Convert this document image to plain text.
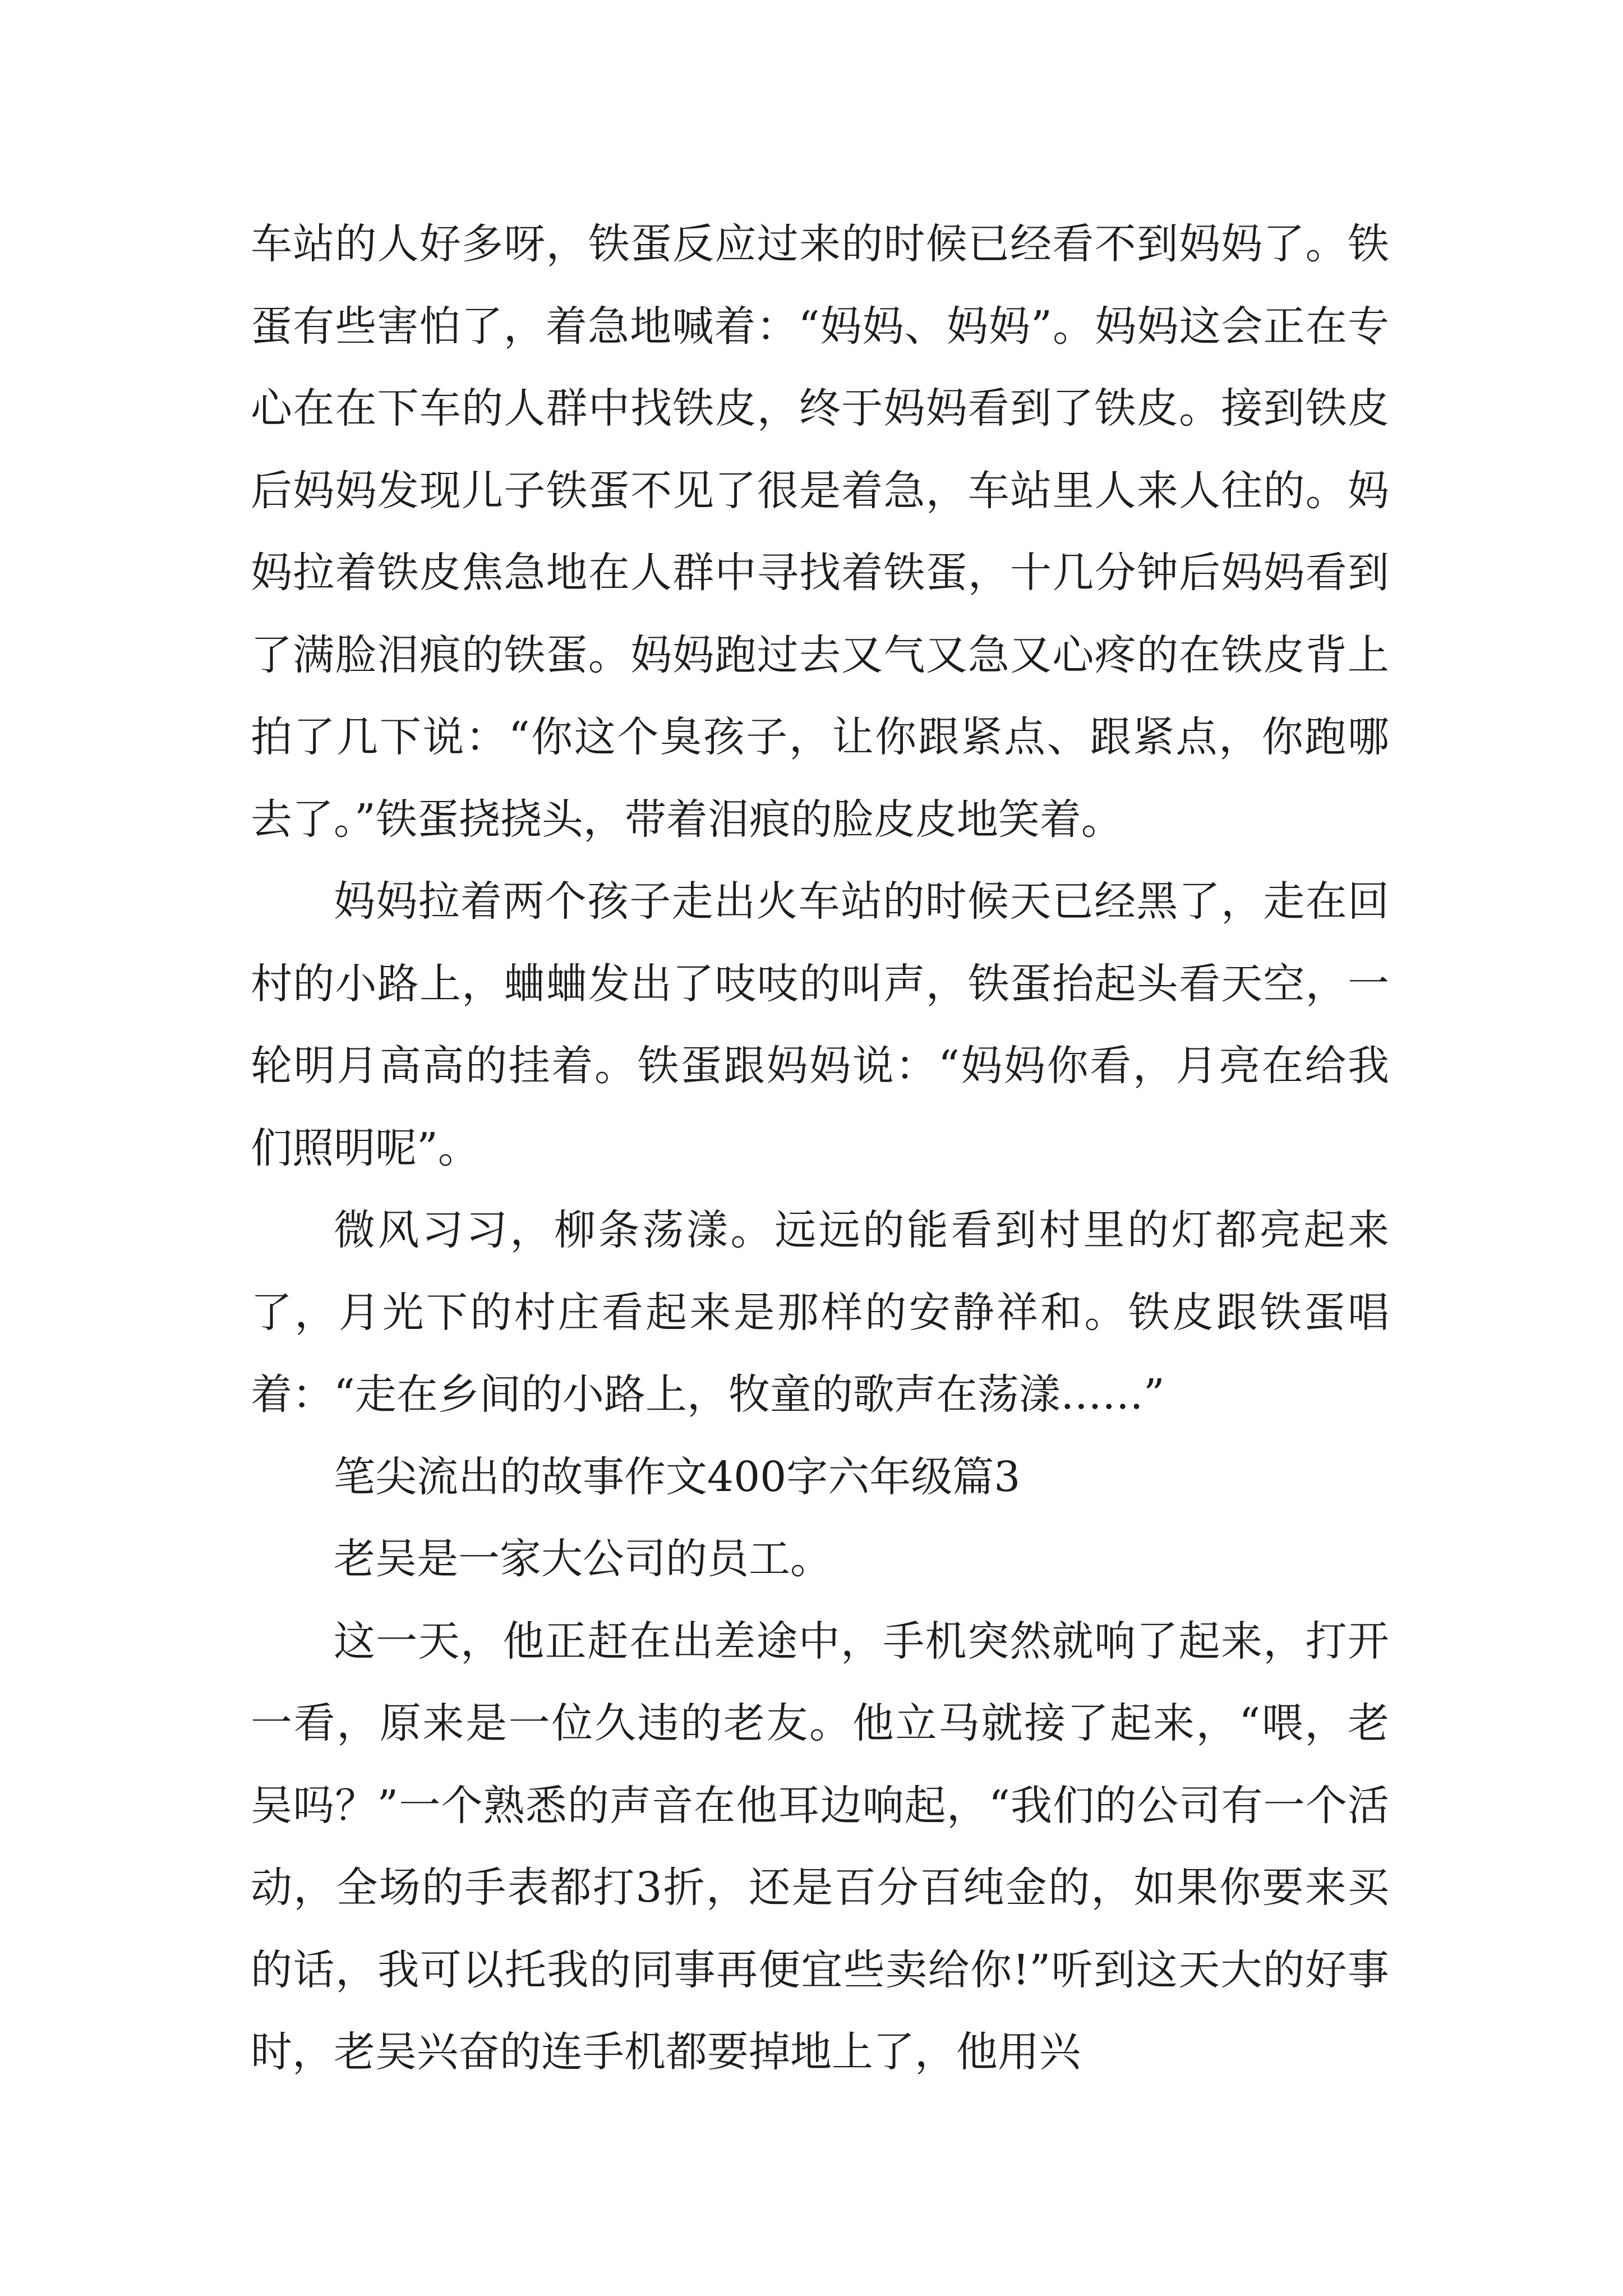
车站的人好多呀，铁蛋反应过来的时候已经看不到妈妈了。铁蛋有些害怕了，着急地喊着：“妈妈、妈妈”。妈妈这会正在专心在在下车的人群中找铁皮，终于妈妈看到了铁皮。接到铁皮后妈妈发现儿子铁蛋不见了很是着急，车站里人来人往的。妈妈拉着铁皮焦急地在人群中寻找着铁蛋，十几分钟后妈妈看到了满脸泪痕的铁蛋。妈妈跑过去又气又急又心疼的在铁皮背上拍了几下说：“你这个臭孩子，让你跟紧点、跟紧点，你跑哪去了。”铁蛋挠挠头，带着泪痕的脸皮皮地笑着。

妈妈拉着两个孩子走出火车站的时候天已经黑了，走在回村的小路上，蛐蛐发出了吱吱的叫声，铁蛋抬起头看天空，一轮明月高高的挂着。铁蛋跟妈妈说：“妈妈你看，月亮在给我们照明呢”。

微风习习，柳条荡漾。远远的能看到村里的灯都亮起来了，月光下的村庄看起来是那样的安静祥和。铁皮跟铁蛋唱着：“走在乡间的小路上，牧童的歌声在荡漾……”

笔尖流出的故事作文400字六年级篇3

老吴是一家大公司的员工。

这一天，他正赶在出差途中，手机突然就响了起来，打开一看，原来是一位久违的老友。他立马就接了起来，“喂，老吴吗？”一个熟悉的声音在他耳边响起，“我们的公司有一个活动，全场的手表都打3折，还是百分百纯金的，如果你要来买的话，我可以托我的同事再便宜些卖给你!”听到这天大的好事时，老吴兴奋的连手机都要掉地上了，他用兴
